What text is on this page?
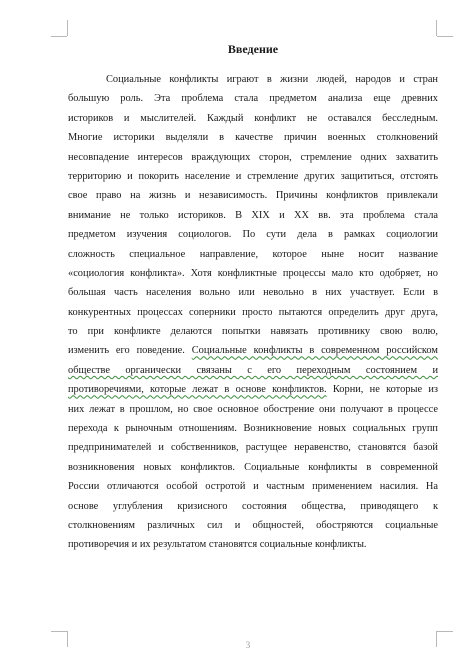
Введение
Социальные конфликты играют в жизни людей, народов и стран
большую роль. Эта проблема стала предметом анализа еще древних
историков и мыслителей. Каждый конфликт не оставался бесследным.
Многие историки выделяли в качестве причин военных столкновений
несовпадение интересов враждующих сторон, стремление одних захватить
территорию и покорить население и стремление других защититься, отстоять
свое право на жизнь и независимость. Причины конфликтов привлекали
внимание не только историков. В XIX и XX вв. эта проблема стала
предметом изучения социологов. По сути дела в рамках социологии
сложность специальное направление, которое ныне носит название
«социология конфликта». Хотя конфликтные процессы мало кто одобряет, но
большая часть населения вольно или невольно в них участвует. Если в
конкурентных процессах соперники просто пытаются определить друг друга,
то при конфликте делаются попытки навязать противнику свою волю,
изменить его поведение. Социальные конфликты в современном российском
обществе органически связаны с его переходным состоянием и
противоречиями, которые лежат в основе конфликтов. Корни, не которые из
них лежат в прошлом, но свое основное обострение они получают в процессе
перехода к рыночным отношениям. Возникновение новых социальных групп
предпринимателей и собственников, растущее неравенство, становятся базой
возникновения новых конфликтов. Социальные конфликты в современной
России отличаются особой остротой и частным применением насилия. На
основе углубления кризисного состояния общества, приводящего к
столкновениям различных сил и общностей, обостряются социальные
противоречия и их результатом становятся социальные конфликты.
3
